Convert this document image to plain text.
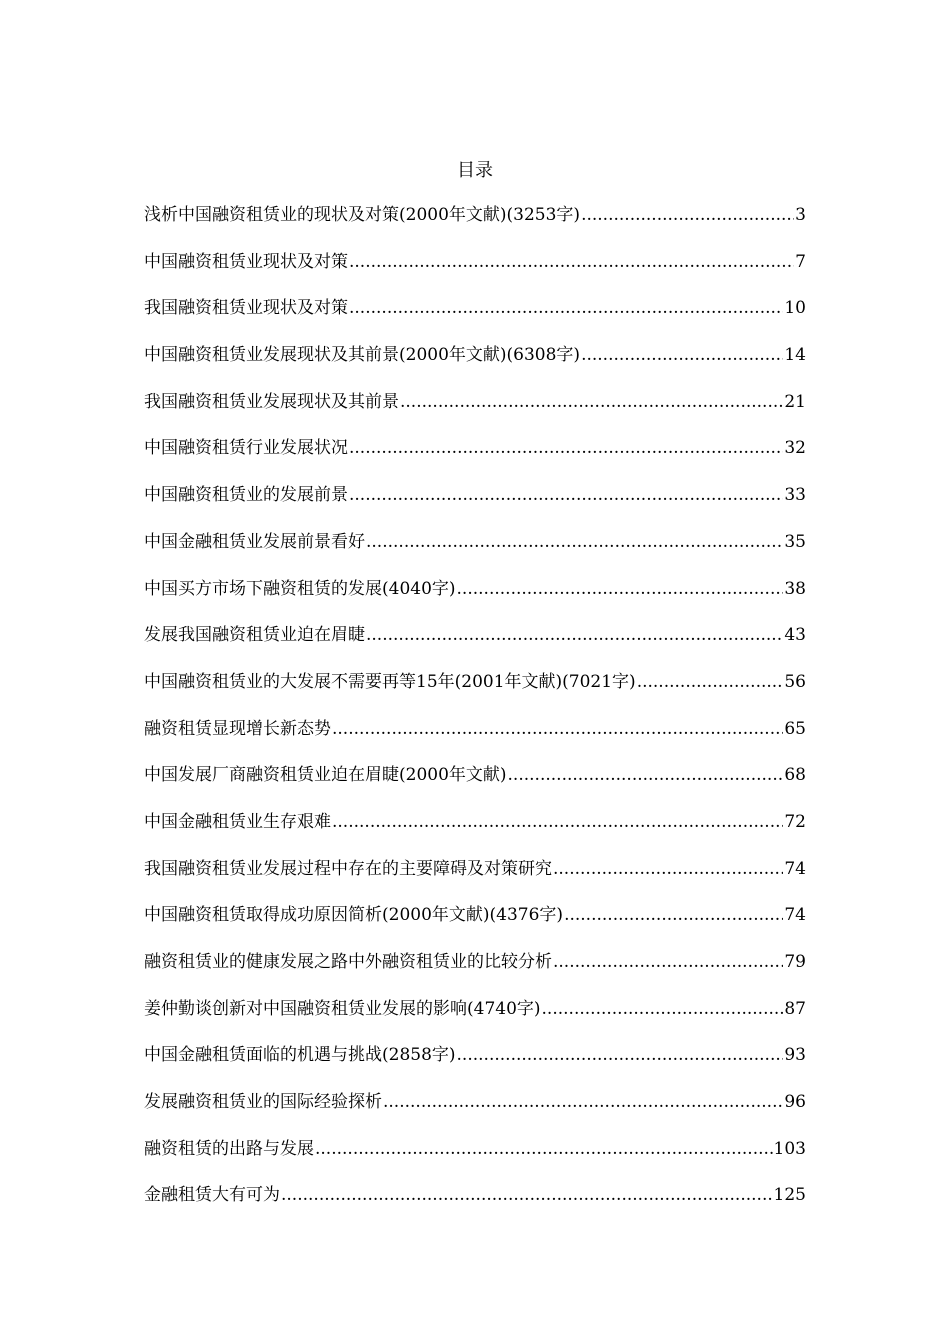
目录
浅析中国融资租赁业的现状及对策(2000年文献)(3253字) .....	3
中国融资租赁业现状及对策 .....	7
我国融资租赁业现状及对策 .....	10
中国融资租赁业发展现状及其前景(2000年文献)(6308字) .....	14
我国融资租赁业发展现状及其前景 .....	21
中国融资租赁行业发展状况 .....	32
中国融资租赁业的发展前景 .....	33
中国金融租赁业发展前景看好 .....	35
中国买方市场下融资租赁的发展(4040字) .....	38
发展我国融资租赁业迫在眉睫 .....	43
中国融资租赁业的大发展不需要再等15年(2001年文献)(7021字) .....	56
融资租赁显现增长新态势 .....	65
中国发展厂商融资租赁业迫在眉睫(2000年文献) .....	68
中国金融租赁业生存艰难 .....	72
我国融资租赁业发展过程中存在的主要障碍及对策研究 .....	74
中国融资租赁取得成功原因简析(2000年文献)(4376字) .....	74
融资租赁业的健康发展之路中外融资租赁业的比较分析 .....	79
姜仲勤谈创新对中国融资租赁业发展的影响(4740字) .....	87
中国金融租赁面临的机遇与挑战(2858字) .....	93
发展融资租赁业的国际经验探析 .....	96
融资租赁的出路与发展 .....	103
金融租赁大有可为 .....	125
